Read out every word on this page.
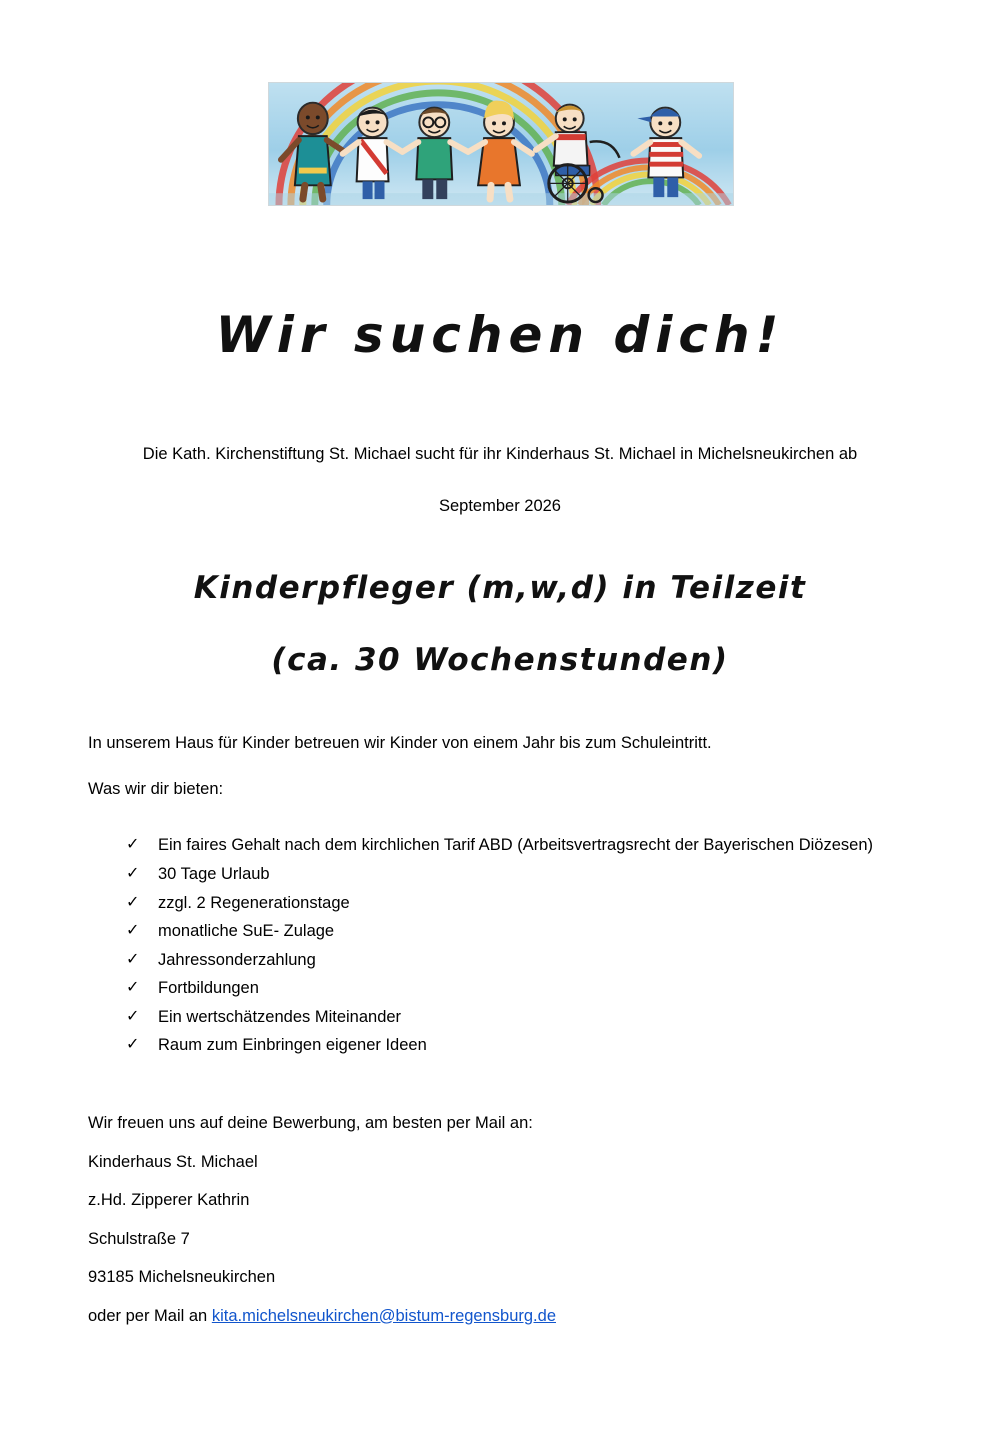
Wir suchen dich!
Die Kath. Kirchenstiftung St. Michael sucht für ihr Kinderhaus St. Michael in Michelsneukirchen ab
September 2026
Kinderpfleger (m,w,d) in Teilzeit
(ca. 30 Wochenstunden)

In unserem Haus für Kinder betreuen wir Kinder von einem Jahr bis zum Schuleintritt.

Was wir dir bieten:

✓ Ein faires Gehalt nach dem kirchlichen Tarif ABD (Arbeitsvertragsrecht der Bayerischen Diözesen)
✓ 30 Tage Urlaub
✓ zzgl. 2 Regenerationstage
✓ monatliche SuE- Zulage
✓ Jahressonderzahlung
✓ Fortbildungen
✓ Ein wertschätzendes Miteinander
✓ Raum zum Einbringen eigener Ideen
Wir freuen uns auf deine Bewerbung, am besten per Mail an:
Kinderhaus St. Michael
z.Hd. Zipperer Kathrin
Schulstraße 7
93185 Michelsneukirchen
oder per Mail an kita.michelsneukirchen@bistum-regensburg.de
